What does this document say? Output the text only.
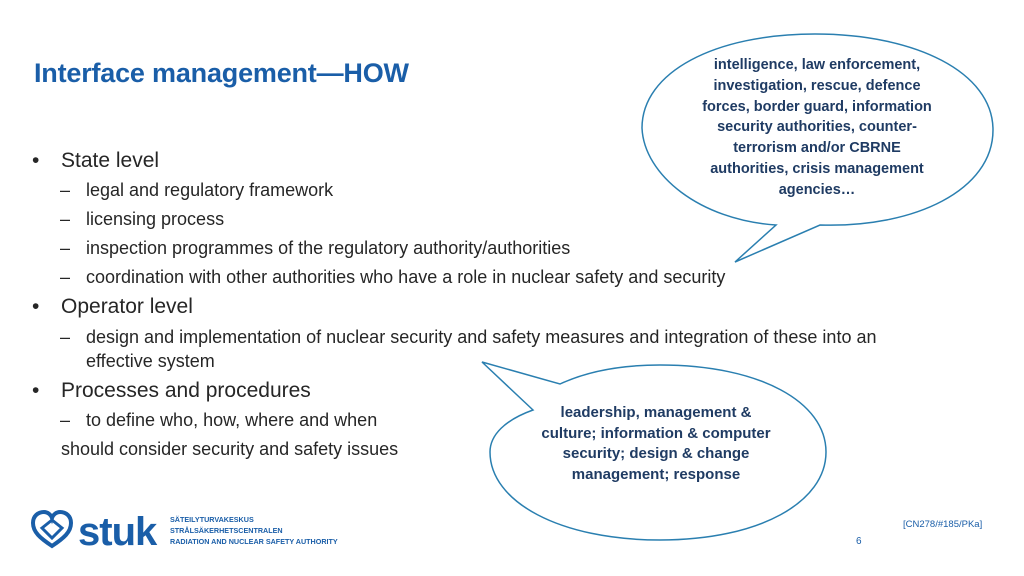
Interface management—HOW
• State level
– legal and regulatory framework
– licensing process
– inspection programmes of the regulatory authority/authorities
– coordination with other authorities who have a role in nuclear safety and security
• Operator level
– design and implementation of nuclear security and safety measures and integration of these into an effective system
• Processes and procedures
– to define who, how, where and when
should consider security and safety issues
intelligence, law enforcement, investigation, rescue, defence forces, border guard, information security authorities, counter-terrorism and/or CBRNE authorities, crisis management agencies…
leadership, management & culture; information & computer security; design & change management; response
stuk SÄTEILYTURVAKESKUS
STRÅLSÄKERHETSCENTRALEN
RADIATION AND NUCLEAR SAFETY AUTHORITY
[CN278/#185/PKa]
6
